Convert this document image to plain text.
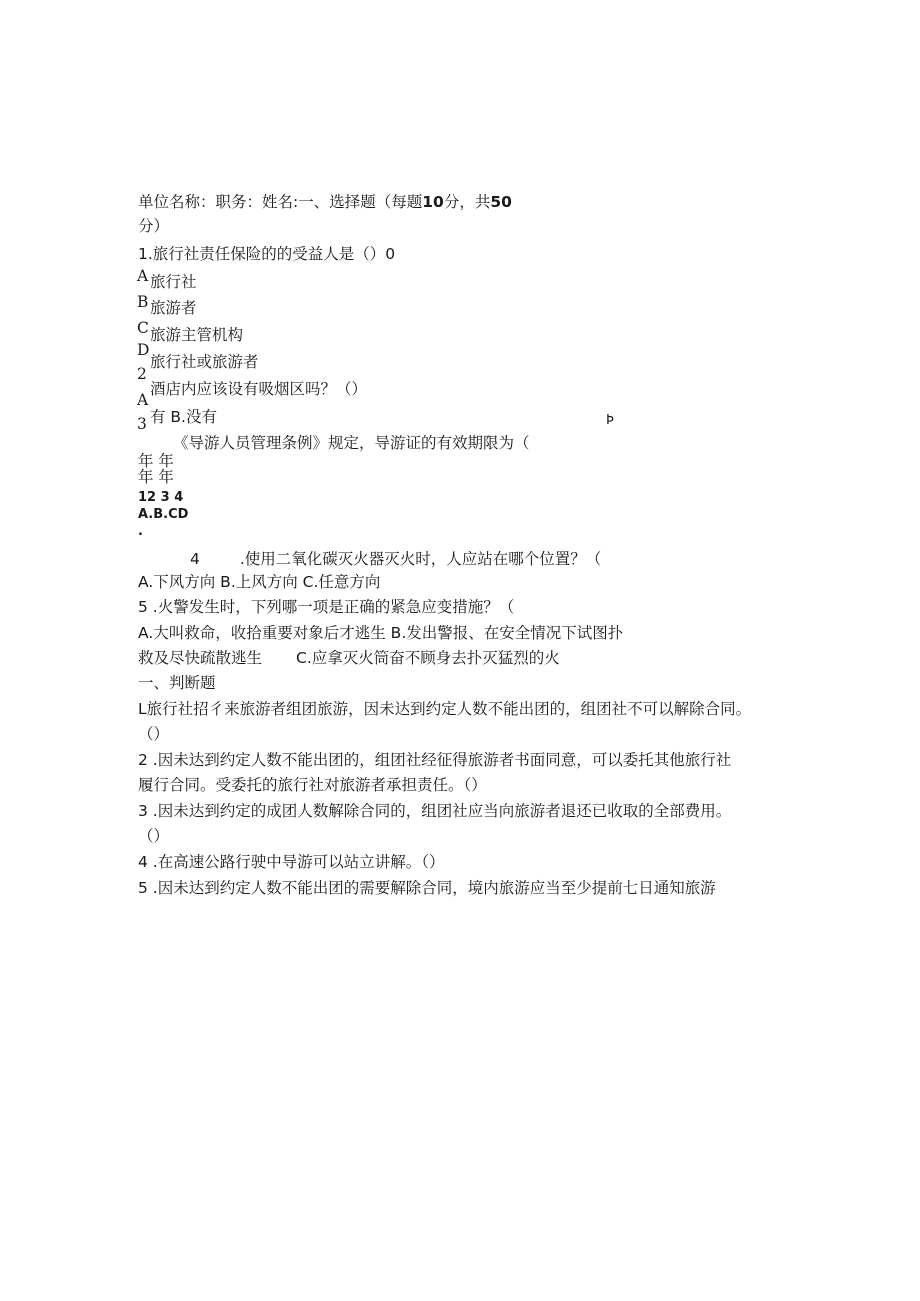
单位名称：职务：姓名:一、选择题（每题10分，共50
分）
1.旅行社责任保险的的受益人是（）0
A 旅行社
B 旅游者
C 旅游主管机构
D
旅行社或旅游者
2
酒店内应该设有吸烟区吗？（）
A
3 有 B.没有	Þ
《导游人员管理条例》规定，导游证的有效期限为（
年 年
年 年
12 3 4
A.B.CD
.
4	.使用二氧化碳灭火器灭火时，人应站在哪个位置？（
A.下风方向 B.上风方向 C.任意方向
5 .火警发生时，下列哪一项是正确的紧急应变措施？（
A.大叫救命，收拾重要对象后才逃生 B.发出警报、在安全情况下试图扑
救及尽快疏散逃生 C.应拿灭火筒奋不顾身去扑灭猛烈的火
一、判断题
L旅行社招彳来旅游者组团旅游，因未达到约定人数不能出团的，组团社不可以解除合同。
（）
2 .因未达到约定人数不能出团的，组团社经征得旅游者书面同意，可以委托其他旅行社
履行合同。受委托的旅行社对旅游者承担责任。（）
3 .因未达到约定的成团人数解除合同的，组团社应当向旅游者退还已收取的全部费用。
（）
4 .在高速公路行驶中导游可以站立讲解。（）
5 .因未达到约定人数不能出团的需要解除合同，境内旅游应当至少提前七日通知旅游
